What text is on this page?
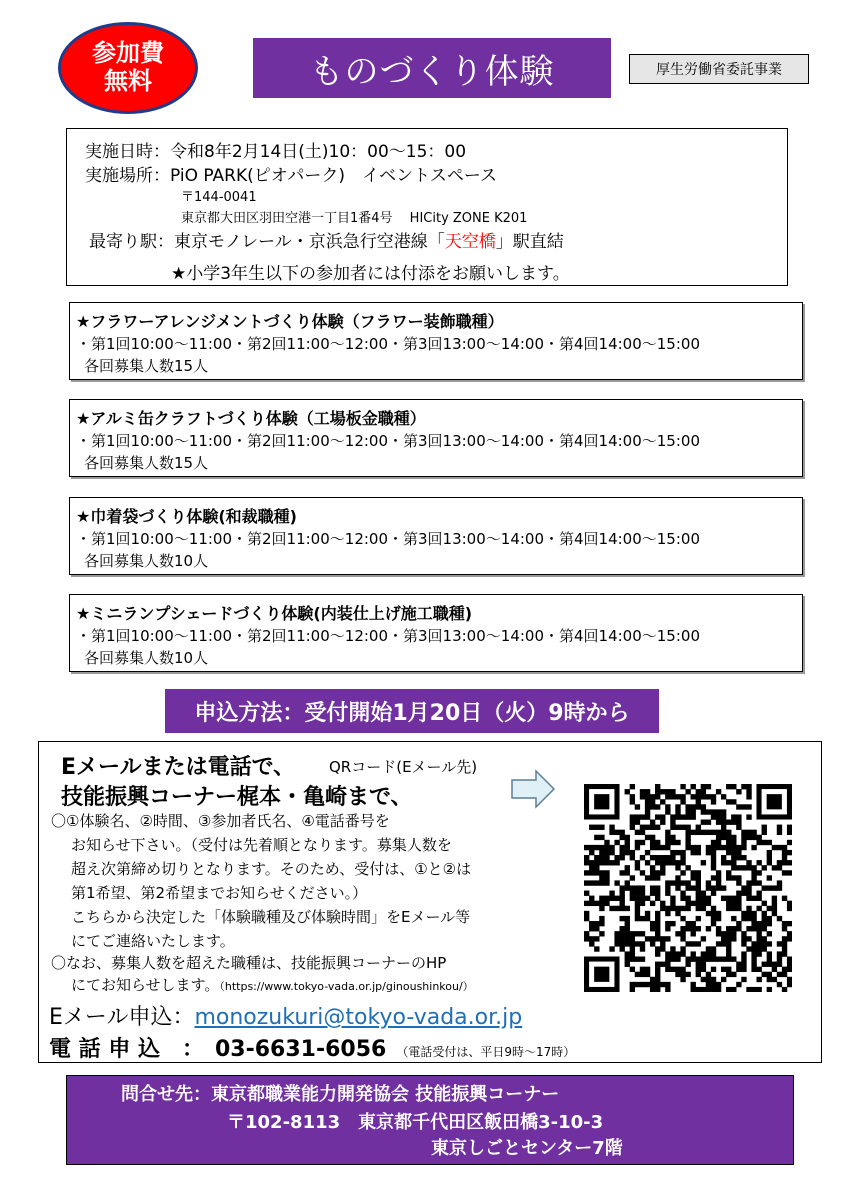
参加費
無料	ものづくり体験	厚生労働省委託事業
実施日時：令和8年2月14日(土)10：00～15：00
実施場所：PiO PARK(ピオパーク)　イベントスペース
〒144-0041
東京都大田区羽田空港一丁目1番4号　 HICity ZONE K201
最寄り駅：東京モノレール・京浜急行空港線「天空橋」駅直結
★小学3年生以下の参加者には付添をお願いします。
★フラワーアレンジメントづくり体験（フラワー装飾職種）
・第1回10:00～11:00・第2回11:00～12:00・第3回13:00～14:00・第4回14:00～15:00
各回募集人数15人
★アルミ缶クラフトづくり体験（工場板金職種）
・第1回10:00～11:00・第2回11:00～12:00・第3回13:00～14:00・第4回14:00～15:00
各回募集人数15人
★巾着袋づくり体験(和裁職種)
・第1回10:00～11:00・第2回11:00～12:00・第3回13:00～14:00・第4回14:00～15:00
各回募集人数10人
★ミニランプシェードづくり体験(内装仕上げ施工職種)
・第1回10:00～11:00・第2回11:00～12:00・第3回13:00～14:00・第4回14:00～15:00
各回募集人数10人
申込方法：受付開始1月20日（火）9時から
Eメールまたは電話で、 QRコード(Eメール先)
技能振興コーナー梶本・亀崎まで、
〇①体験名、②時間、③参加者氏名、④電話番号を
お知らせ下さい。（受付は先着順となります。募集人数を
超え次第締め切りとなります。そのため、受付は、①と②は
第1希望、第2希望までお知らせください。）
こちらから決定した「体験職種及び体験時間」をEメール等
にてご連絡いたします。
〇なお、募集人数を超えた職種は、技能振興コーナーのHP
にてお知らせします。（https://www.tokyo-vada.or.jp/ginoushinkou/）
Eメール申込：monozukuri@tokyo-vada.or.jp
電 話 申 込　：　03-6631-6056 （電話受付は、平日9時～17時）
問合せ先：東京都職業能力開発協会 技能振興コーナー
〒102-8113　東京都千代田区飯田橋3-10-3
東京しごとセンター7階
